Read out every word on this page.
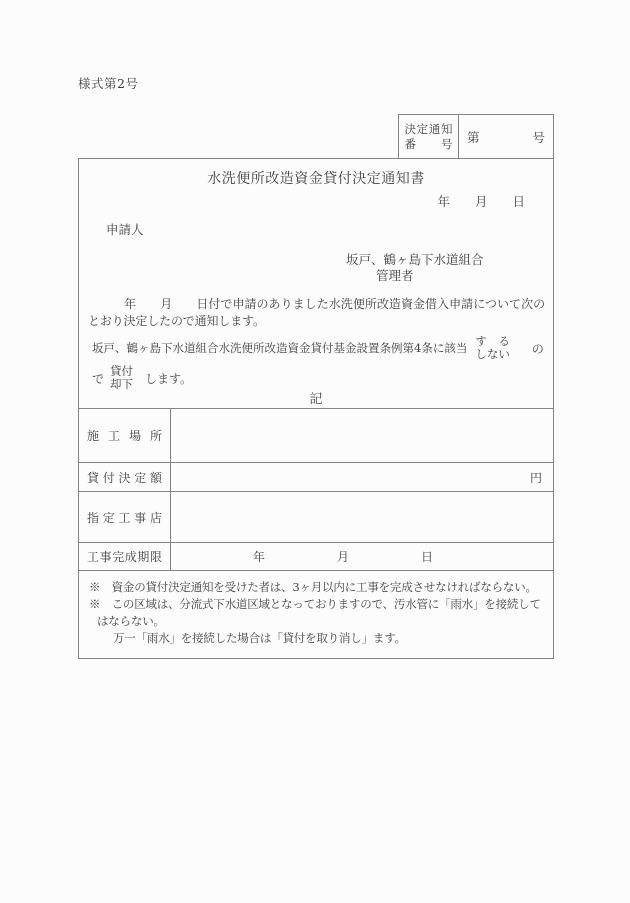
様式第2号
決定通知
番号 第	号
水洗便所改造資金貸付決定通知書
年　　月　　日
申請人
坂戸、鶴ヶ島下水道組合
管理者

　　　年　　月　　日付で申請のありました水洗便所改造資金借入申請について次のとおり決定したので通知します。

坂戸、鶴ヶ島下水道組合水洗便所改造資金貸付基金設置条例第4条に該当 す　る
しない の
で
貸付
却下 します。
記
施工場所
貸付決定額	円
指定工事店
工事完成期限	年　　　　　　月　　　　　　日
※　資金の貸付決定通知を受けた者は、3ヶ月以内に工事を完成させなければならない。
※　この区域は、分流式下水道区域となっておりますので、汚水管に「雨水」を接続してはならない。
万一「雨水」を接続した場合は「貸付を取り消し」ます。
